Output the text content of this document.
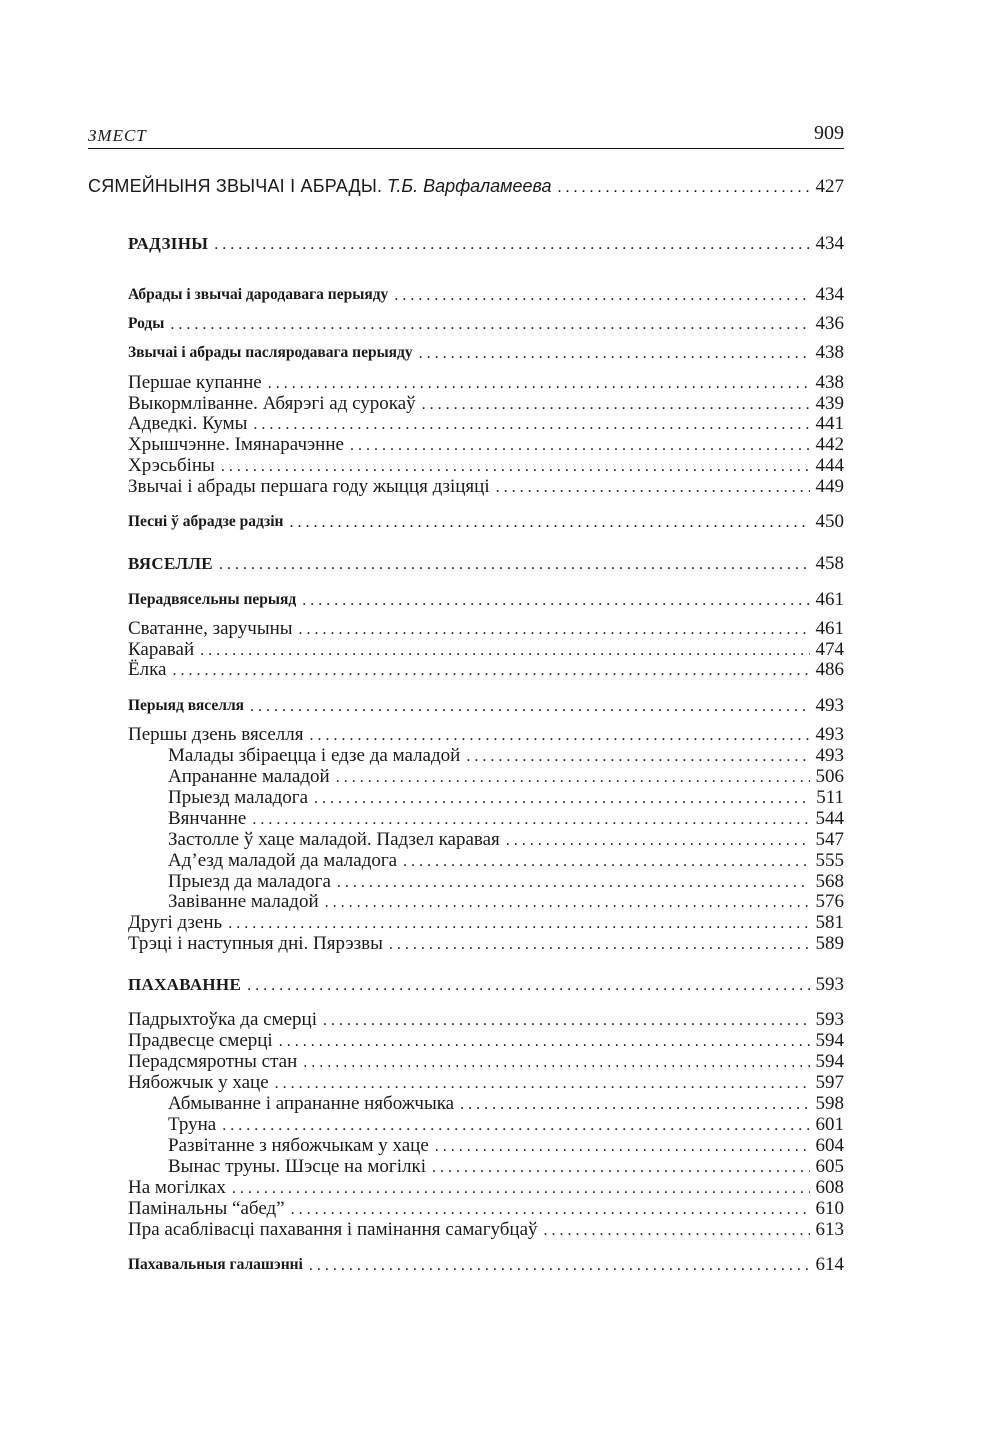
ЗМЕСТ	909
СЯМЕЙНЫНЯ ЗВЫЧАІ І АБРАДЫ. Т.Б. Варфаламеева . . .	427
РАДЗІНЫ . . .	434
Абрады і звычаі дародавага перыяду . . .	434
Роды . . .	436
Звычаі і абрады пасляродавага перыяду . . .	438
Першае купанне . . .	438
Выкормліванне. Абярэгі ад сурокаў . . .	439
Адведкі. Кумы . . .	441
Хрышчэнне. Імянарачэнне . . .	442
Хрэсьбіны . . .	444
Звычаі і абрады першага году жыцця дзіцяці . . .	449
Песні ў абрадзе радзін . . .	450
ВЯСЕЛЛЕ . . .	458
Перадвясельны перыяд . . .	461
Сватанне, заручыны . . .	461
Каравай . . .	474
Ёлка . . .	486
Перыяд вяселля . . .	493
Першы дзень вяселля . . .	493
Малады збіраецца і едзе да маладой . . .	493
Апрананне маладой . . .	506
Прыезд маладога . . .	511
Вянчанне . . .	544
Застолле ў хаце маладой. Падзел каравая . . .	547
Ад’езд маладой да маладога . . .	555
Прыезд да маладога . . .	568
Завіванне маладой . . .	576
Другі дзень . . .	581
Трэці і наступныя дні. Пярэзвы . . .	589
ПАХАВАННЕ . . .	593
Падрыхтоўка да смерці . . .	593
Прадвесце смерці . . .	594
Перадсмяротны стан . . .	594
Нябожчык у хаце . . .	597
Абмыванне і апрананне нябожчыка . . .	598
Труна . . .	601
Развітанне з нябожчыкам у хаце . . .	604
Вынас труны. Шэсце на могілкі . . .	605
На могілках . . .	608
Памінальны “абед” . . .	610
Пра асаблівасці пахавання і памінання самагубцаў . . .	613
Пахавальныя галашэнні . . .	614
